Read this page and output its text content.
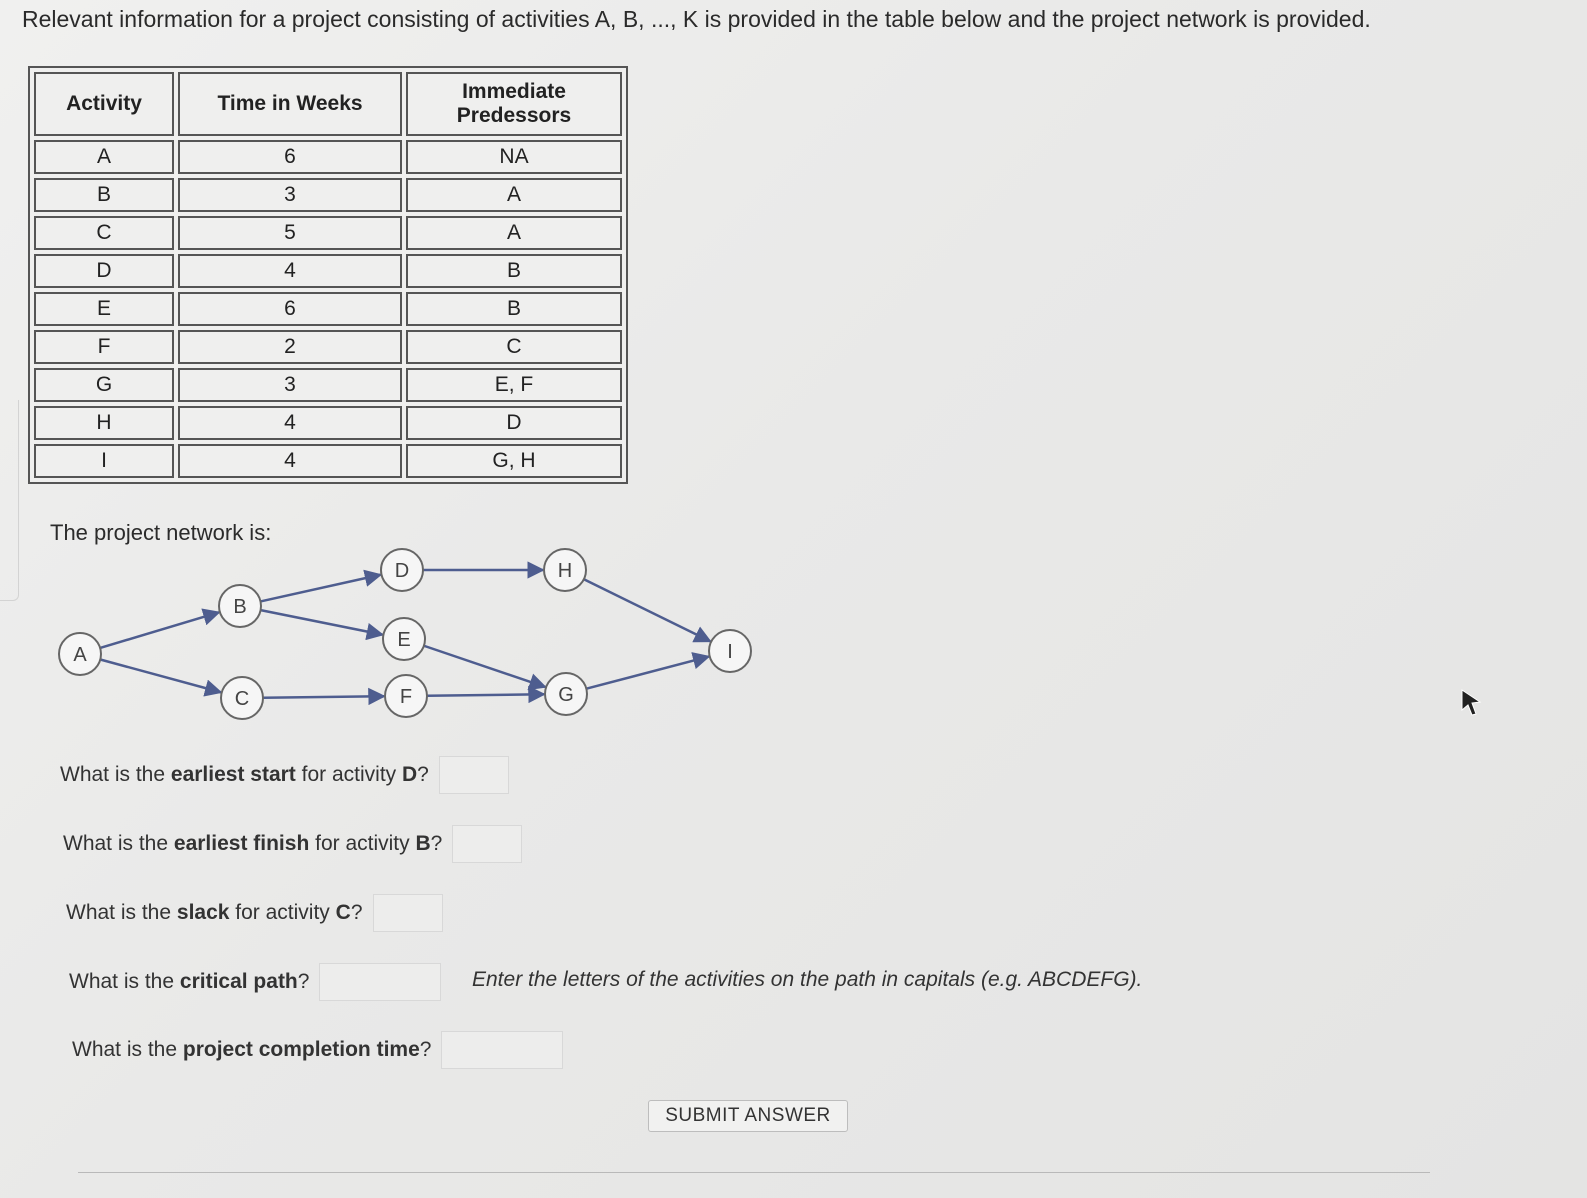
Relevant information for a project consisting of activities A, B, ..., K is provided in the table below and the project network is provided.

Activity	Time in Weeks	Immediate
Predessors
A	6	NA
B	3	A
C	5	A
D	4	B
E	6	B
F	2	C
G	3	E, F
H	4	D
I	4	G, H

The project network is:

A
B
C
D
E
F	G
H
I
What is the earliest start for activity D ?
What is the earliest finish for activity B ?
What is the slack for activity C ?
What is the critical path ?	Enter the letters of the activities on the path in capitals (e.g. ABCDEFG).
What is the project completion time ?
SUBMIT ANSWER
